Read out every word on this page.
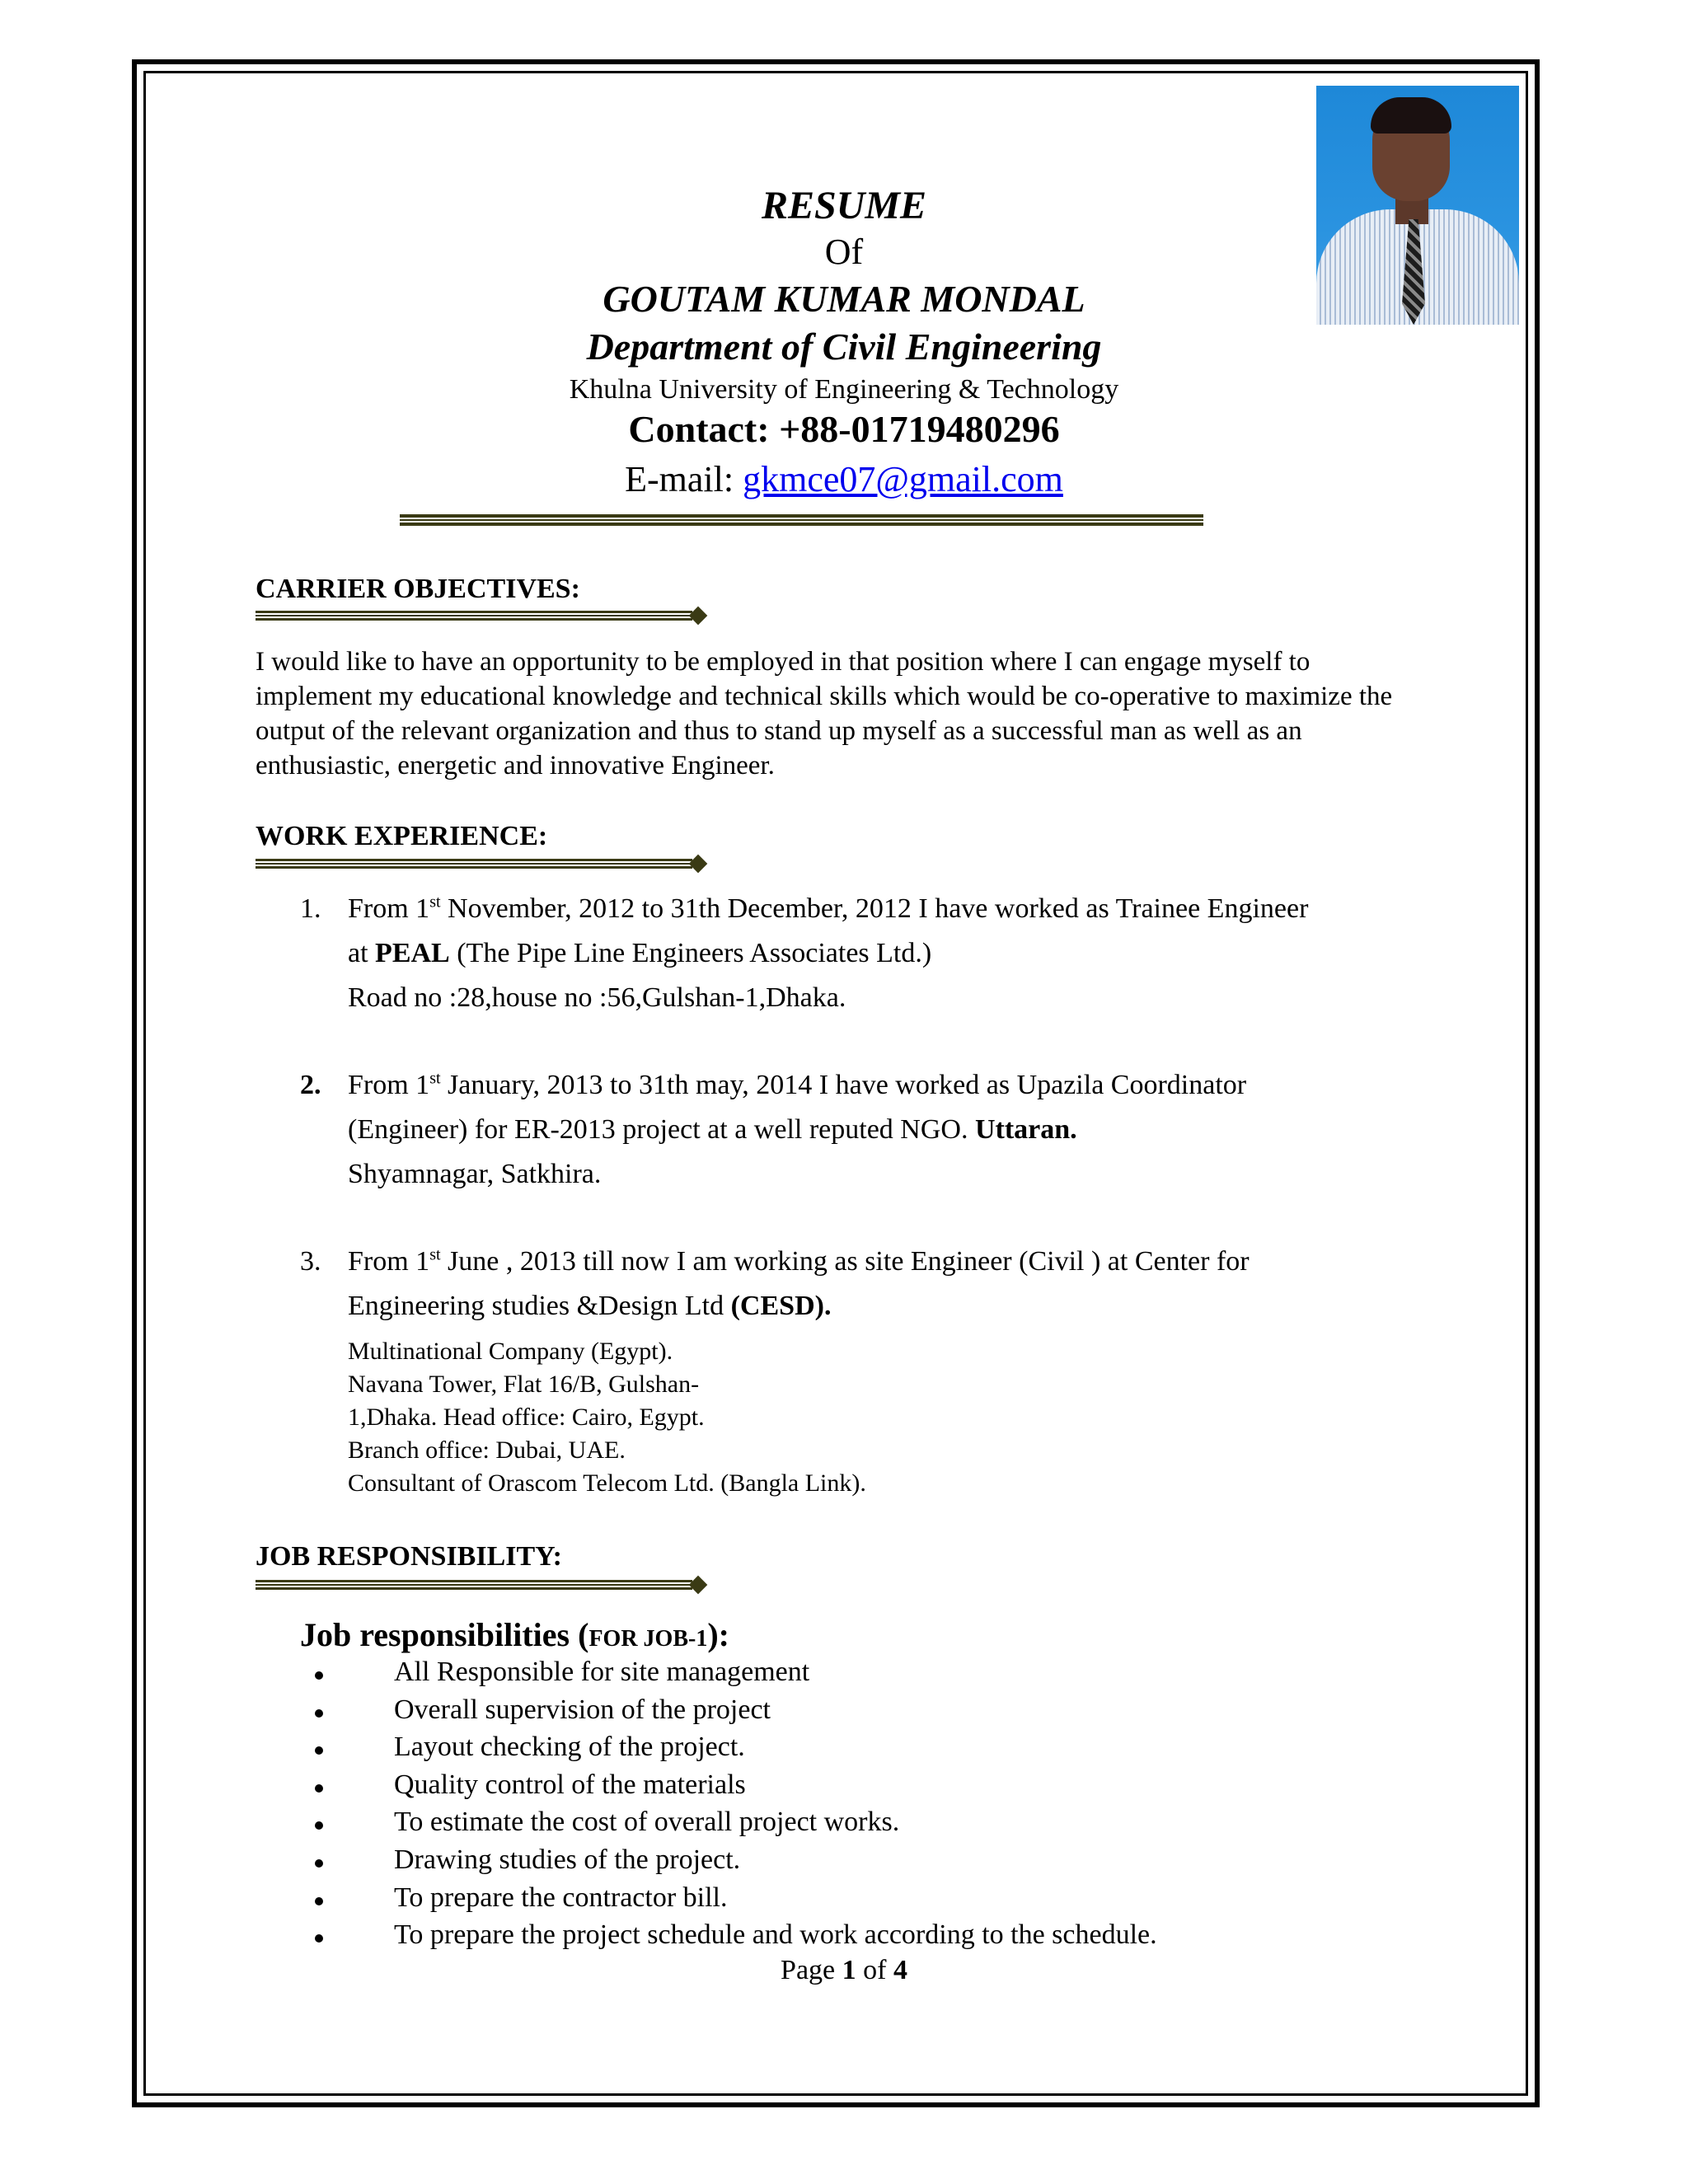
RESUME
Of
GOUTAM KUMAR MONDAL
Department of Civil Engineering
Khulna University of Engineering & Technology
Contact: +88-01719480296
E-mail: gkmce07@gmail.com
CARRIER OBJECTIVES:
I would like to have an opportunity to be employed in that position where I can engage myself to implement my educational knowledge and technical skills which would be co-operative to maximize the output of the relevant organization and thus to stand up myself as a successful man as well as an enthusiastic, energetic and innovative Engineer.
WORK EXPERIENCE:
1. From 1st November, 2012 to 31th December, 2012 I have worked as Trainee Engineer
at PEAL (The Pipe Line Engineers Associates Ltd.)
Road no :28,house no :56,Gulshan-1,Dhaka.
2. From 1st January, 2013 to 31th may, 2014 I have worked as Upazila Coordinator
(Engineer) for ER-2013 project at a well reputed NGO. Uttaran.
Shyamnagar, Satkhira.
3. From 1st June , 2013 till now I am working as site Engineer (Civil ) at Center for
Engineering studies &Design Ltd (CESD).
Multinational Company (Egypt).
Navana Tower, Flat 16/B, Gulshan-
1,Dhaka. Head office: Cairo, Egypt.
Branch office: Dubai, UAE.
Consultant of Orascom Telecom Ltd. (Bangla Link).
JOB RESPONSIBILITY:
Job responsibilities (FOR JOB-1):
All Responsible for site management
Overall supervision of the project
Layout checking of the project.
Quality control of the materials
To estimate the cost of overall project works.
Drawing studies of the project.
To prepare the contractor bill.
To prepare the project schedule and work according to the schedule.
Page 1 of 4
